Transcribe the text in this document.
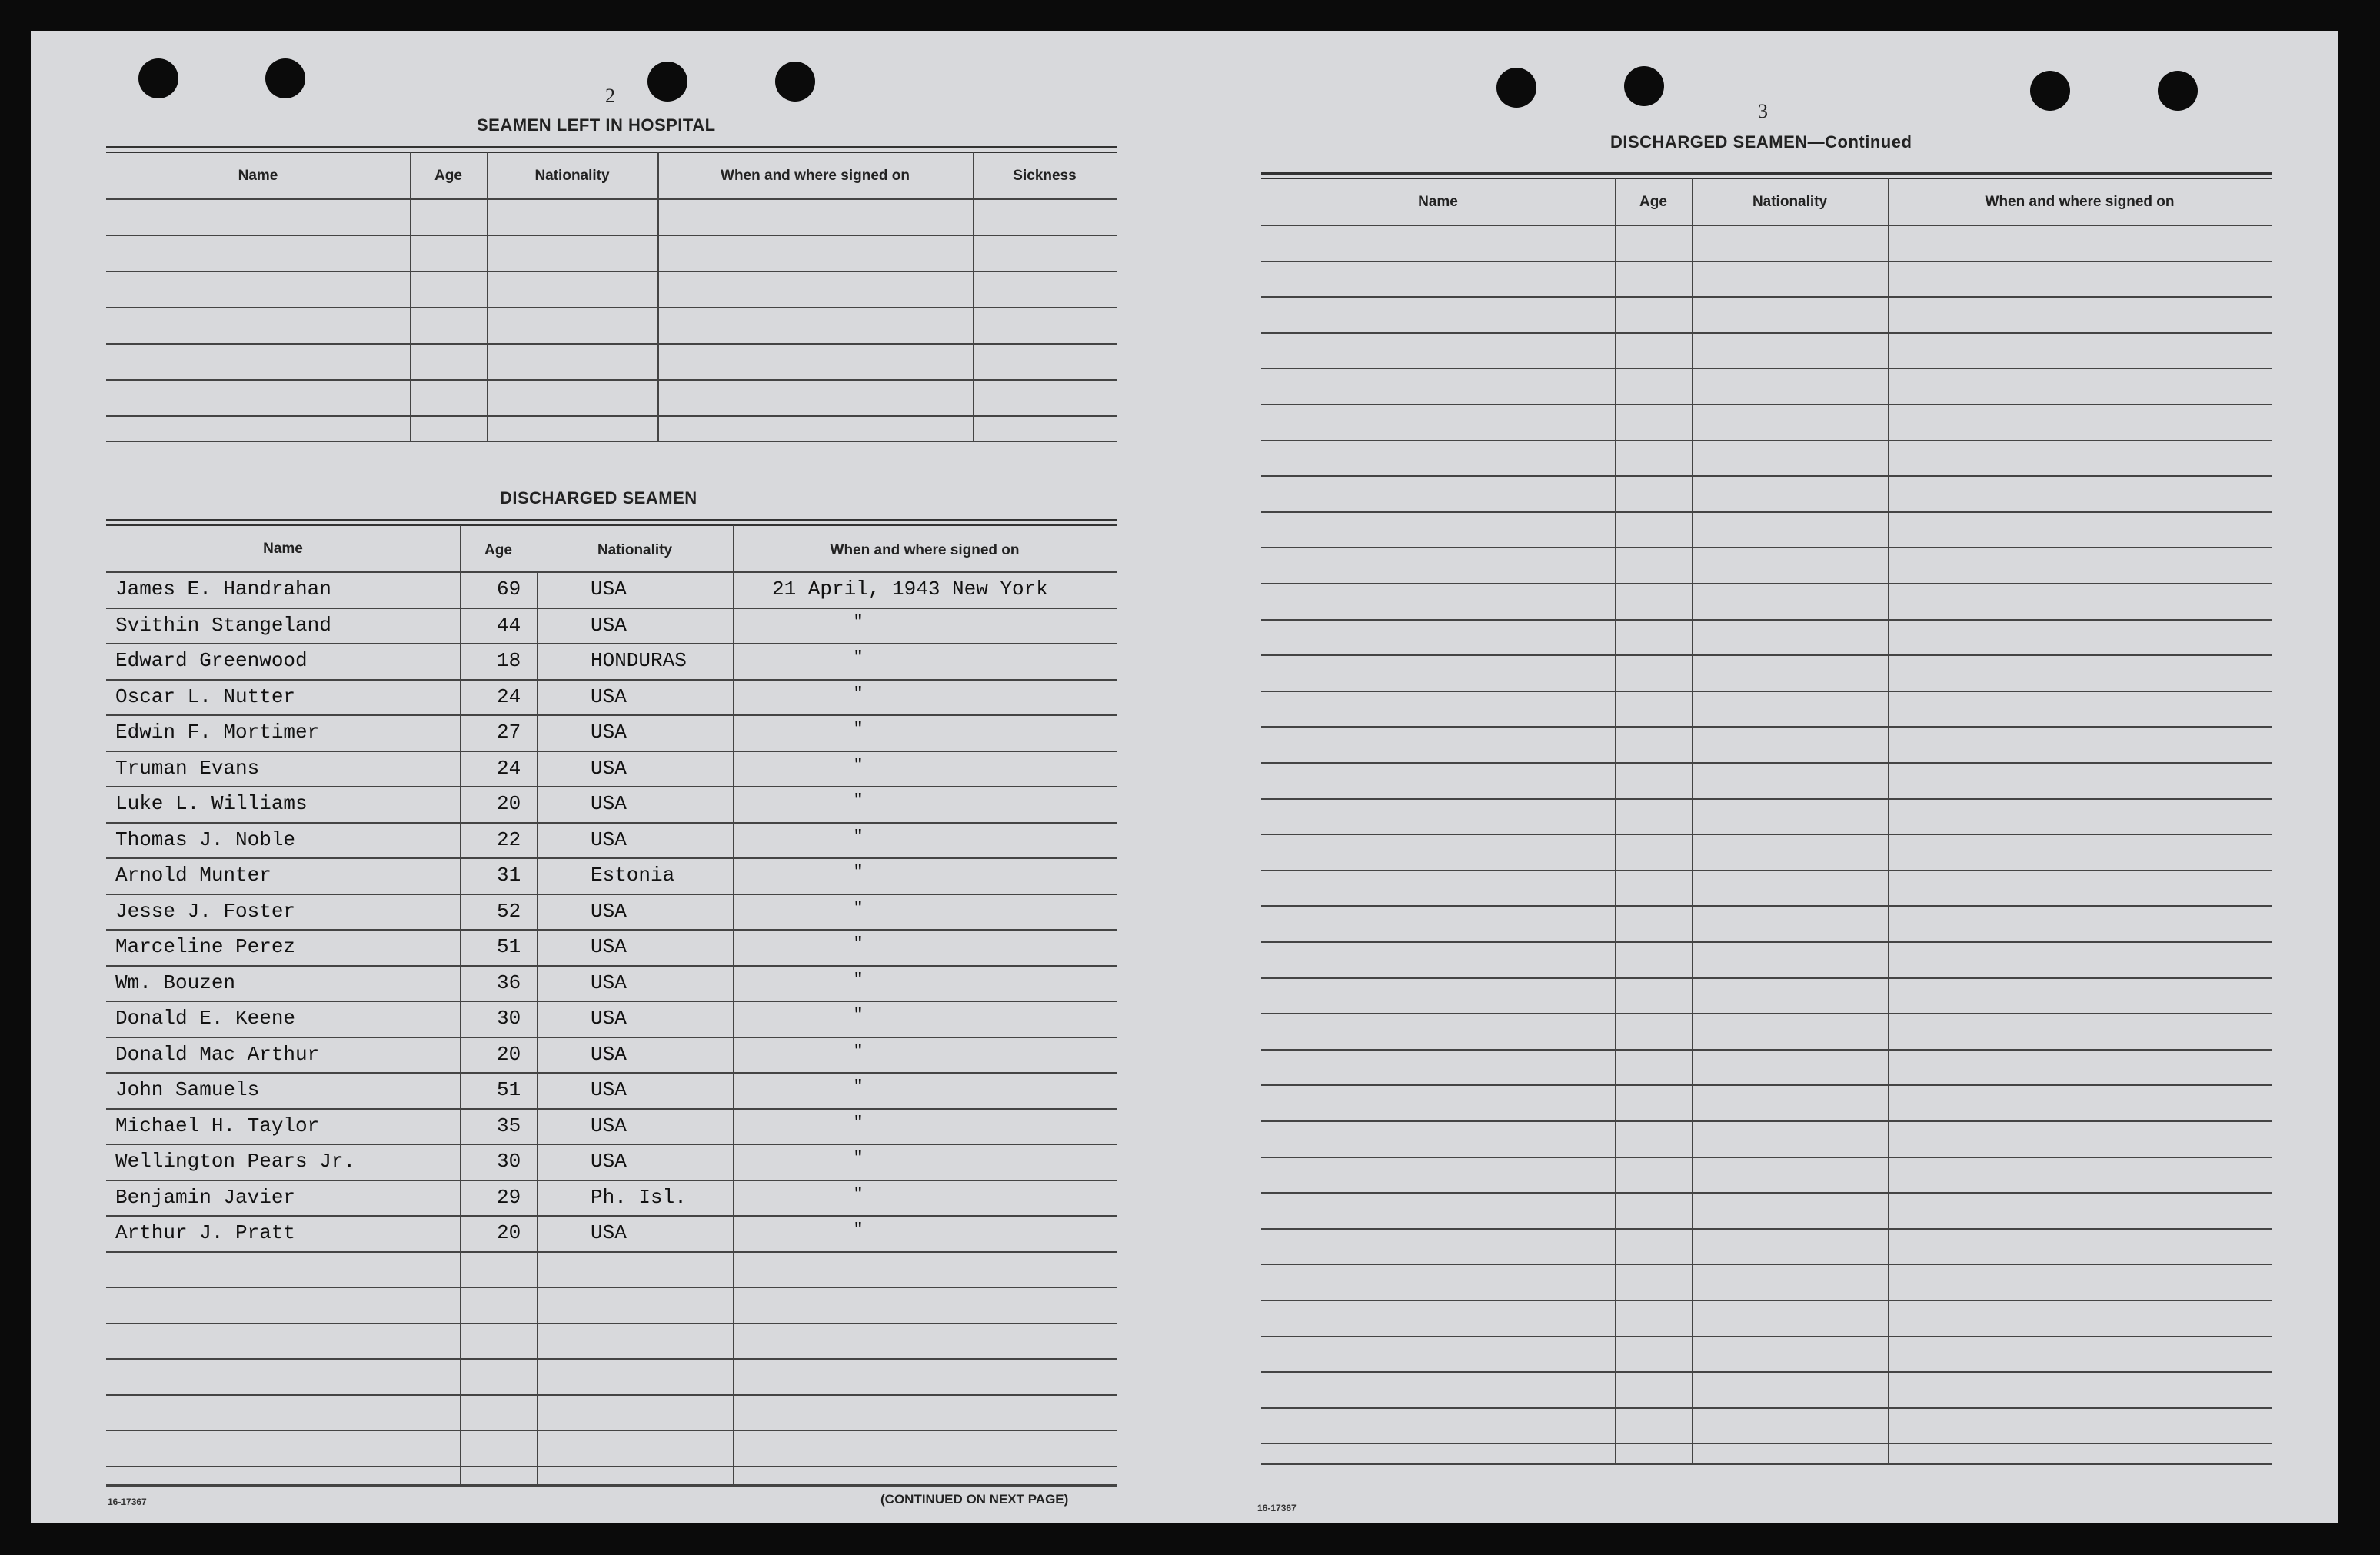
2
SEAMEN LEFT IN HOSPITAL
Name	Age	Nationality	When and where signed on	Sickness
DISCHARGED SEAMEN
Name	Age	Nationality	When and where signed on
James E. Handrahan	69	USA	21 April, 1943 New York
Svithin Stangeland	44	USA	"
Edward Greenwood	18	HONDURAS	"
Oscar L. Nutter	24	USA	"
Edwin F. Mortimer	27	USA	"
Truman Evans	24	USA	"
Luke L. Williams	20	USA	"
Thomas J. Noble	22	USA	"
Arnold Munter	31	Estonia	"
Jesse J. Foster	52	USA	"
Marceline Perez	51	USA	"
Wm. Bouzen	36	USA	"
Donald E. Keene	30	USA	"
Donald Mac Arthur	20	USA	"
John Samuels	51	USA	"
Michael H. Taylor	35	USA	"
Wellington Pears Jr.	30	USA	"
Benjamin Javier	29	Ph. Isl.	"
Arthur J. Pratt	20	USA	"
16-17367	(CONTINUED ON NEXT PAGE)
3
DISCHARGED SEAMEN—Continued
Name	Age	Nationality	When and where signed on
16-17367
